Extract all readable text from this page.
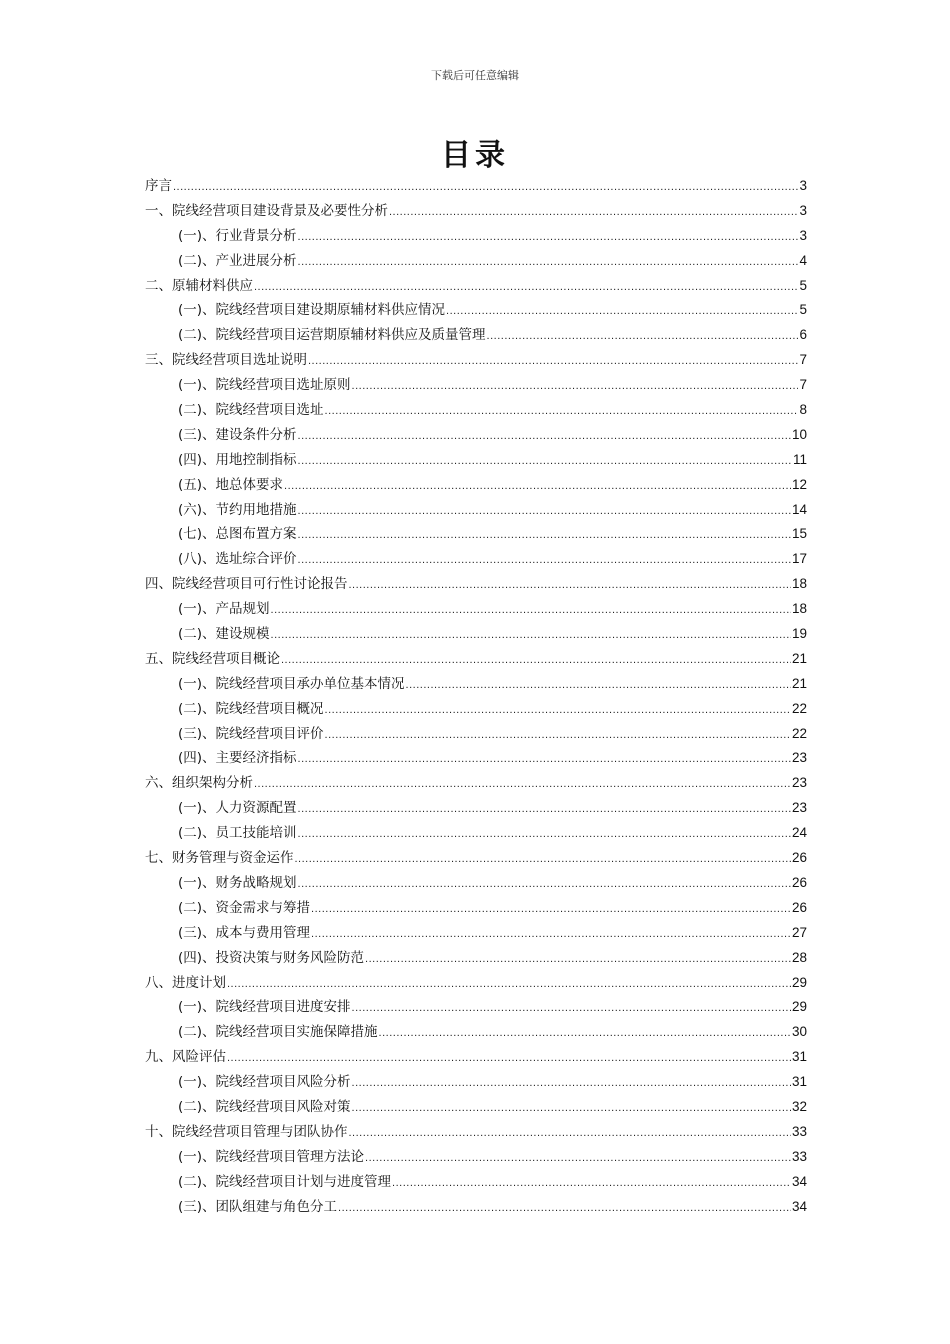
下载后可任意编辑
目录
序言 .....	3
一、院线经营项目建设背景及必要性分析 .....	3
(一)、行业背景分析 .....	3
(二)、产业进展分析 .....	4
二、原辅材料供应 .....	5
(一)、院线经营项目建设期原辅材料供应情况 .....	5
(二)、院线经营项目运营期原辅材料供应及质量管理 .....	6
三、院线经营项目选址说明 .....	7
(一)、院线经营项目选址原则 .....	7
(二)、院线经营项目选址 .....	8
(三)、建设条件分析 .....	10
(四)、用地控制指标 .....	11
(五)、地总体要求 .....	12
(六)、节约用地措施 .....	14
(七)、总图布置方案 .....	15
(八)、选址综合评价 .....	17
四、院线经营项目可行性讨论报告 .....	18
(一)、产品规划 .....	18
(二)、建设规模 .....	19
五、院线经营项目概论 .....	21
(一)、院线经营项目承办单位基本情况 .....	21
(二)、院线经营项目概况 .....	22
(三)、院线经营项目评价 .....	22
(四)、主要经济指标 .....	23
六、组织架构分析 .....	23
(一)、人力资源配置 .....	23
(二)、员工技能培训 .....	24
七、财务管理与资金运作 .....	26
(一)、财务战略规划 .....	26
(二)、资金需求与筹措 .....	26
(三)、成本与费用管理 .....	27
(四)、投资决策与财务风险防范 .....	28
八、进度计划 .....	29
(一)、院线经营项目进度安排 .....	29
(二)、院线经营项目实施保障措施 .....	30
九、风险评估 .....	31
(一)、院线经营项目风险分析 .....	31
(二)、院线经营项目风险对策 .....	32
十、院线经营项目管理与团队协作 .....	33
(一)、院线经营项目管理方法论 .....	33
(二)、院线经营项目计划与进度管理 .....	34
(三)、团队组建与角色分工 .....	34
